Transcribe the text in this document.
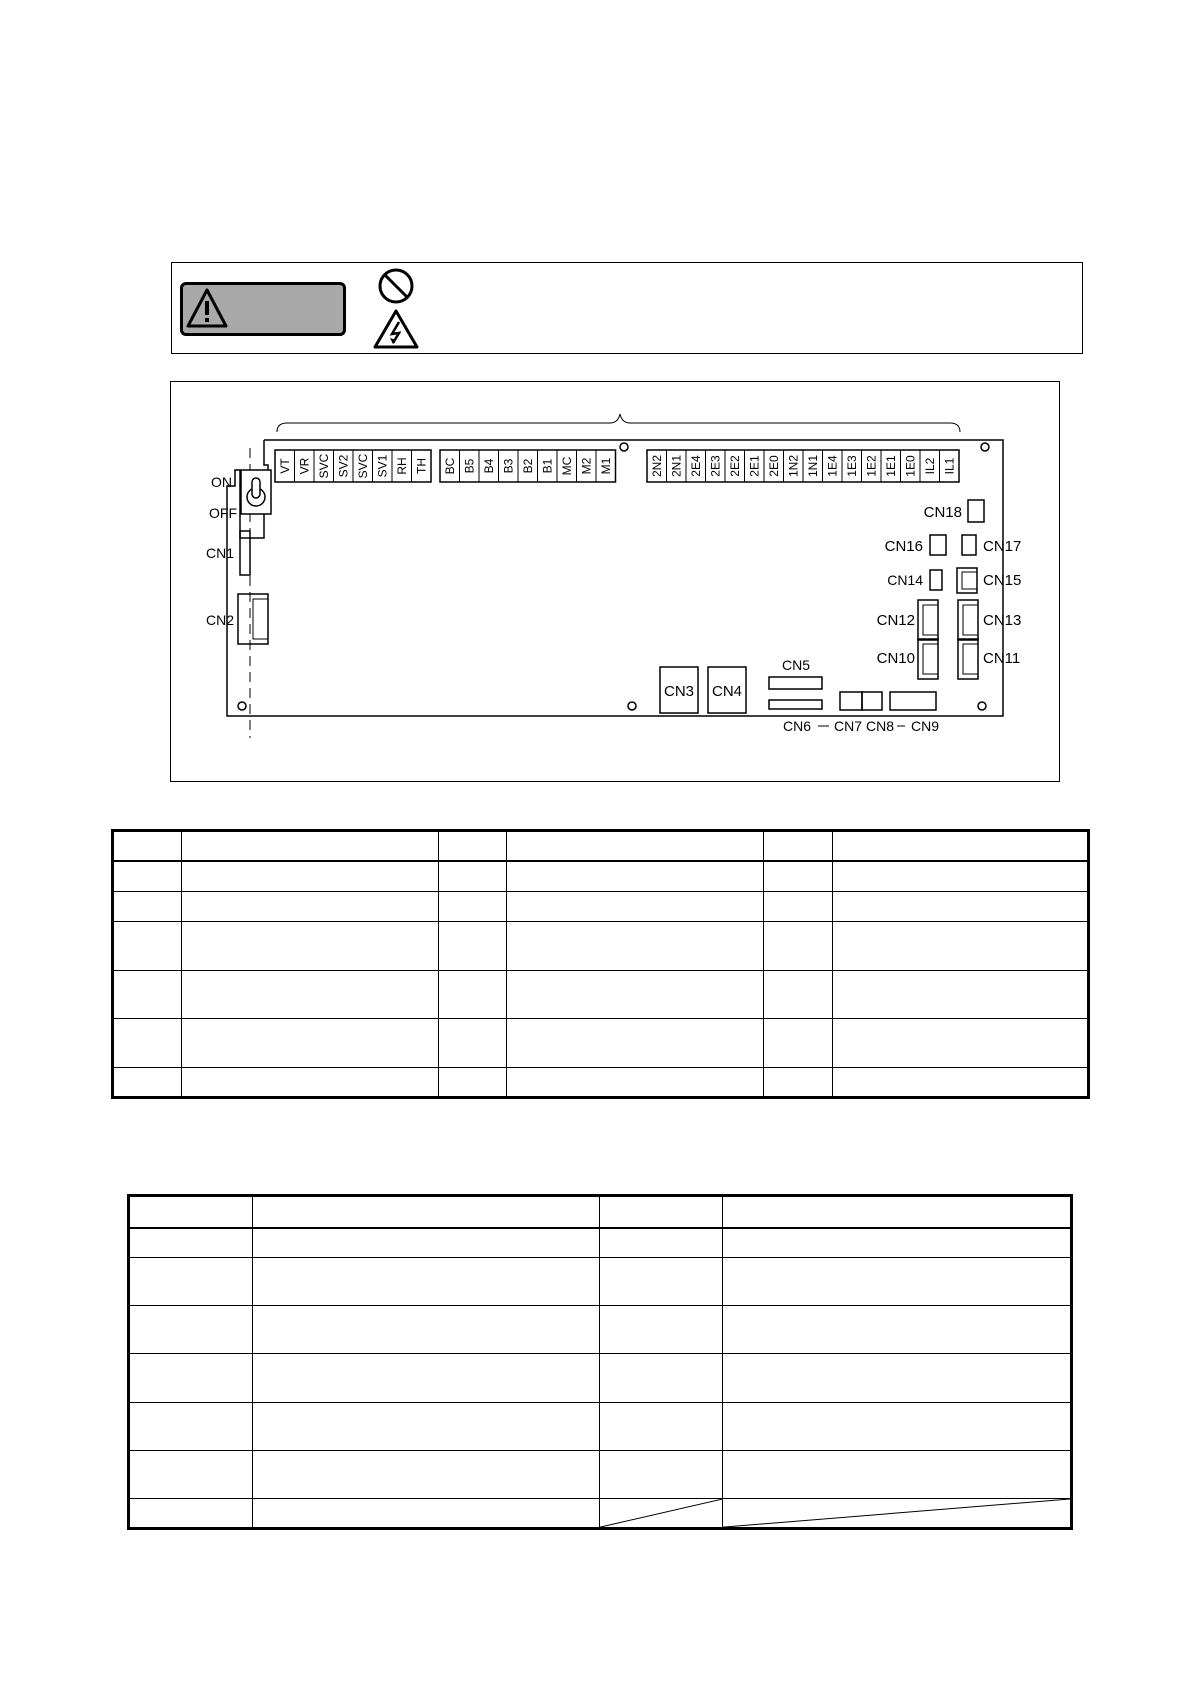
VT VR SVC SV2 SVC SV1 RH TH BC B5 B4 B3 B2 B1 MC M2 M1	2N2 2N1 2E4 2E3 2E2 2E1 2E0 1N2 1N1 1E4 1E3 1E2 1E1 1E0 IL2 IL1
ON
OFF
CN1
CN2
CN3 CN4
CN5
CN6 CN7 CN8 CN9
CN18
CN16	CN17
CN14	CN15
CN12	CN13
CN10	CN11
